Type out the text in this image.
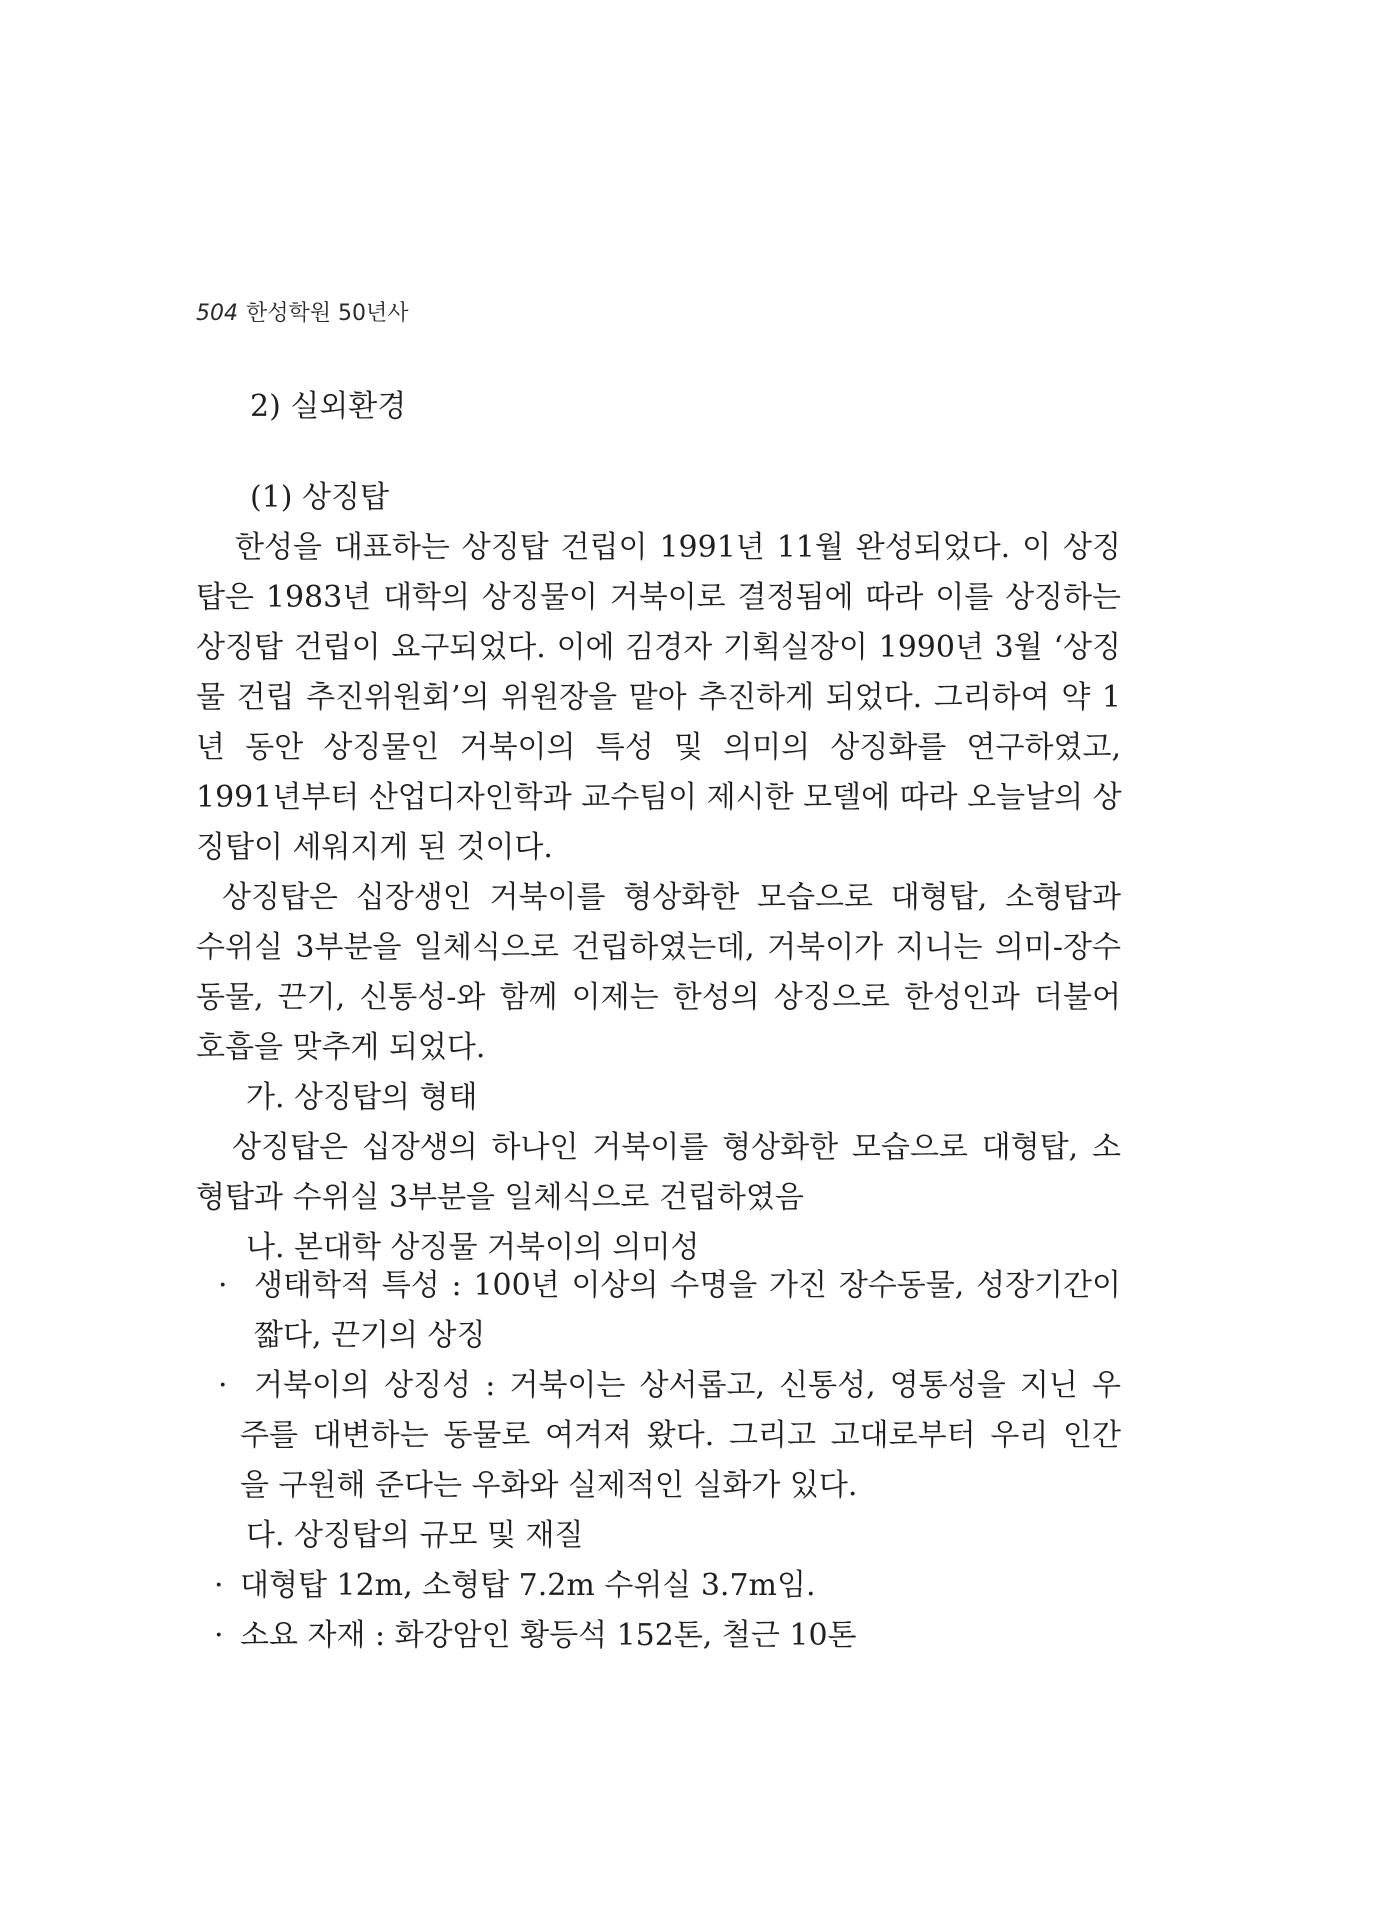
504 한성학원 50년사
2) 실외환경
(1) 상징탑
한성을 대표하는 상징탑 건립이 1991년 11월 완성되었다. 이 상징
탑은 1983년 대학의 상징물이 거북이로 결정됨에 따라 이를 상징하는
상징탑 건립이 요구되었다. 이에 김경자 기획실장이 1990년 3월 ‘상징
물 건립 추진위원회’의 위원장을 맡아 추진하게 되었다. 그리하여 약 1
년 동안 상징물인 거북이의 특성 및 의미의 상징화를 연구하였고,
1991년부터 산업디자인학과 교수팀이 제시한 모델에 따라 오늘날의 상
징탑이 세워지게 된 것이다.
상징탑은 십장생인 거북이를 형상화한 모습으로 대형탑, 소형탑과
수위실 3부분을 일체식으로 건립하였는데, 거북이가 지니는 의미-장수
동물, 끈기, 신통성-와 함께 이제는 한성의 상징으로 한성인과 더불어
호흡을 맞추게 되었다.
가. 상징탑의 형태
상징탑은 십장생의 하나인 거북이를 형상화한 모습으로 대형탑, 소
형탑과 수위실 3부분을 일체식으로 건립하였음
나. 본대학 상징물 거북이의 의미성
· 생태학적 특성 : 100년 이상의 수명을 가진 장수동물, 성장기간이
짧다, 끈기의 상징
· 거북이의 상징성 : 거북이는 상서롭고, 신통성, 영통성을 지닌 우
주를 대변하는 동물로 여겨져 왔다. 그리고 고대로부터 우리 인간
을 구원해 준다는 우화와 실제적인 실화가 있다.
다. 상징탑의 규모 및 재질
· 대형탑 12m, 소형탑 7.2m 수위실 3.7m임.
· 소요 자재 : 화강암인 황등석 152톤, 철근 10톤
